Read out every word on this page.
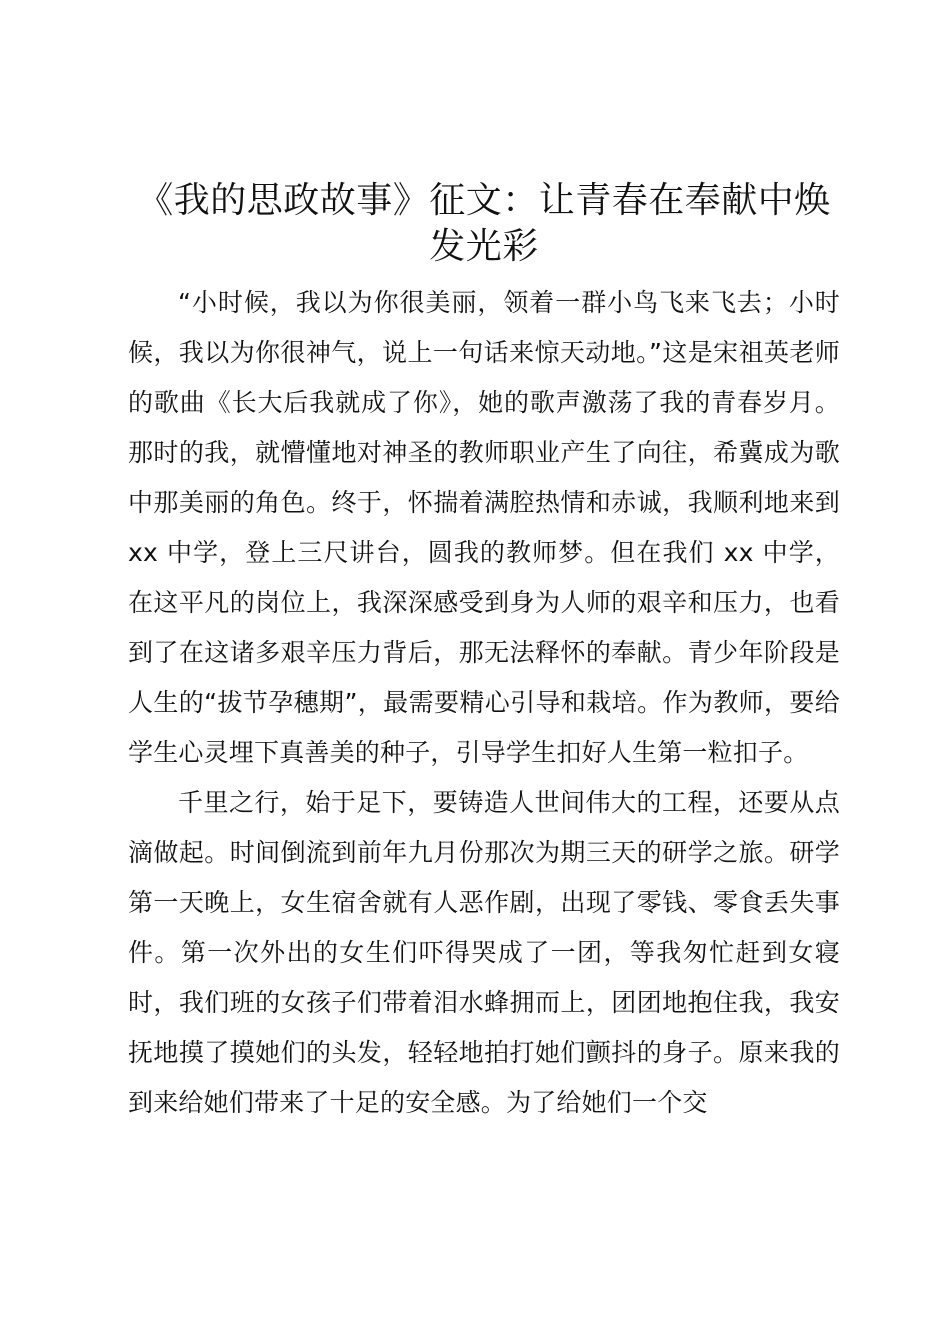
《我的思政故事》征文：让青春在奉献中焕发光彩

“小时候，我以为你很美丽，领着一群小鸟飞来飞去；小时候，我以为你很神气，说上一句话来惊天动地。”这是宋祖英老师的歌曲《长大后我就成了你》，她的歌声激荡了我的青春岁月。那时的我，就懵懂地对神圣的教师职业产生了向往，希冀成为歌中那美丽的角色。终于，怀揣着满腔热情和赤诚，我顺利地来到 xx 中学，登上三尺讲台，圆我的教师梦。但在我们 xx 中学，在这平凡的岗位上，我深深感受到身为人师的艰辛和压力，也看到了在这诸多艰辛压力背后，那无法释怀的奉献。青少年阶段是人生的“拔节孕穗期”，最需要精心引导和栽培。作为教师，要给学生心灵埋下真善美的种子，引导学生扣好人生第一粒扣子。

千里之行，始于足下，要铸造人世间伟大的工程，还要从点滴做起。时间倒流到前年九月份那次为期三天的研学之旅。研学第一天晚上，女生宿舍就有人恶作剧，出现了零钱、零食丢失事件。第一次外出的女生们吓得哭成了一团，等我匆忙赶到女寝时，我们班的女孩子们带着泪水蜂拥而上，团团地抱住我，我安抚地摸了摸她们的头发，轻轻地拍打她们颤抖的身子。原来我的到来给她们带来了十足的安全感。为了给她们一个交
